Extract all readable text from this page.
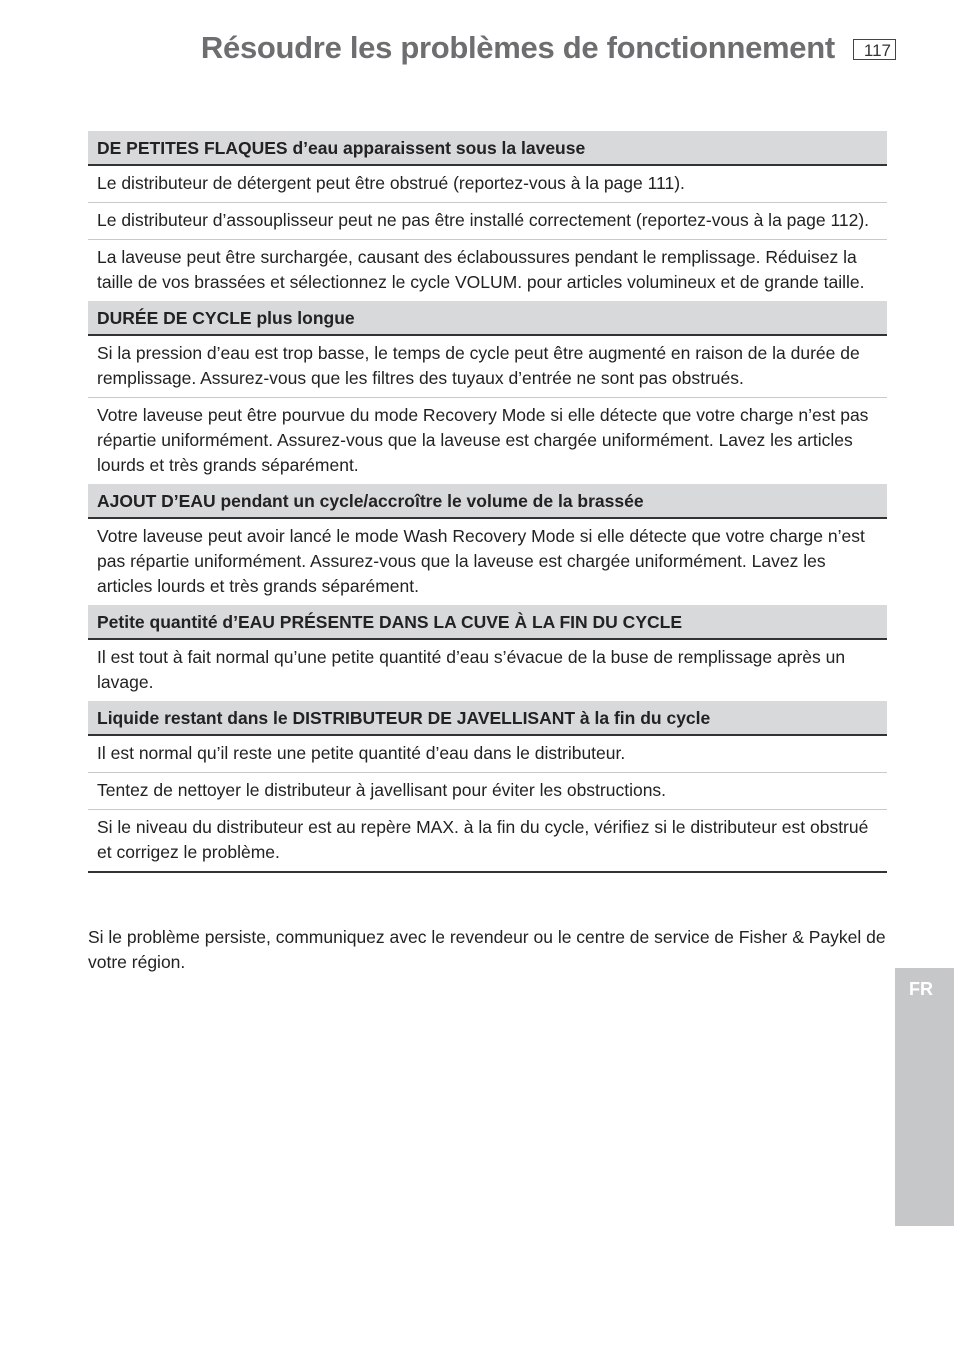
Résoudre les problèmes de fonctionnement	117
DE PETITES FLAQUES d’eau apparaissent sous la laveuse
Le distributeur de détergent peut être obstrué (reportez-vous à la page 111).
Le distributeur d’assouplisseur peut ne pas être installé correctement (reportez-vous à la page 112).
La laveuse peut être surchargée, causant des éclaboussures pendant le remplissage. Réduisez la taille de vos brassées et sélectionnez le cycle VOLUM. pour articles volumineux et de grande taille.
DURÉE DE CYCLE plus longue
Si la pression d’eau est trop basse, le temps de cycle peut être augmenté en raison de la durée de remplissage. Assurez-vous que les filtres des tuyaux d’entrée ne sont pas obstrués.
Votre laveuse peut être pourvue du mode Recovery Mode si elle détecte que votre charge n’est pas répartie uniformément. Assurez-vous que la laveuse est chargée uniformément. Lavez les articles lourds et très grands séparément.
AJOUT D’EAU pendant un cycle/accroître le volume de la brassée
Votre laveuse peut avoir lancé le mode Wash Recovery Mode si elle détecte que votre charge n’est pas répartie uniformément. Assurez-vous que la laveuse est chargée uniformément. Lavez les articles lourds et très grands séparément.
Petite quantité d’EAU PRÉSENTE DANS LA CUVE À LA FIN DU CYCLE
Il est tout à fait normal qu’une petite quantité d’eau s’évacue de la buse de remplissage après un lavage.
Liquide restant dans le DISTRIBUTEUR DE JAVELLISANT à la fin du cycle
Il est normal qu’il reste une petite quantité d’eau dans le distributeur.
Tentez de nettoyer le distributeur à javellisant pour éviter les obstructions.
Si le niveau du distributeur est au repère MAX. à la fin du cycle, vérifiez si le distributeur est obstrué et corrigez le problème.

Si le problème persiste, communiquez avec le revendeur ou le centre de service de Fisher & Paykel de votre région.

FR
